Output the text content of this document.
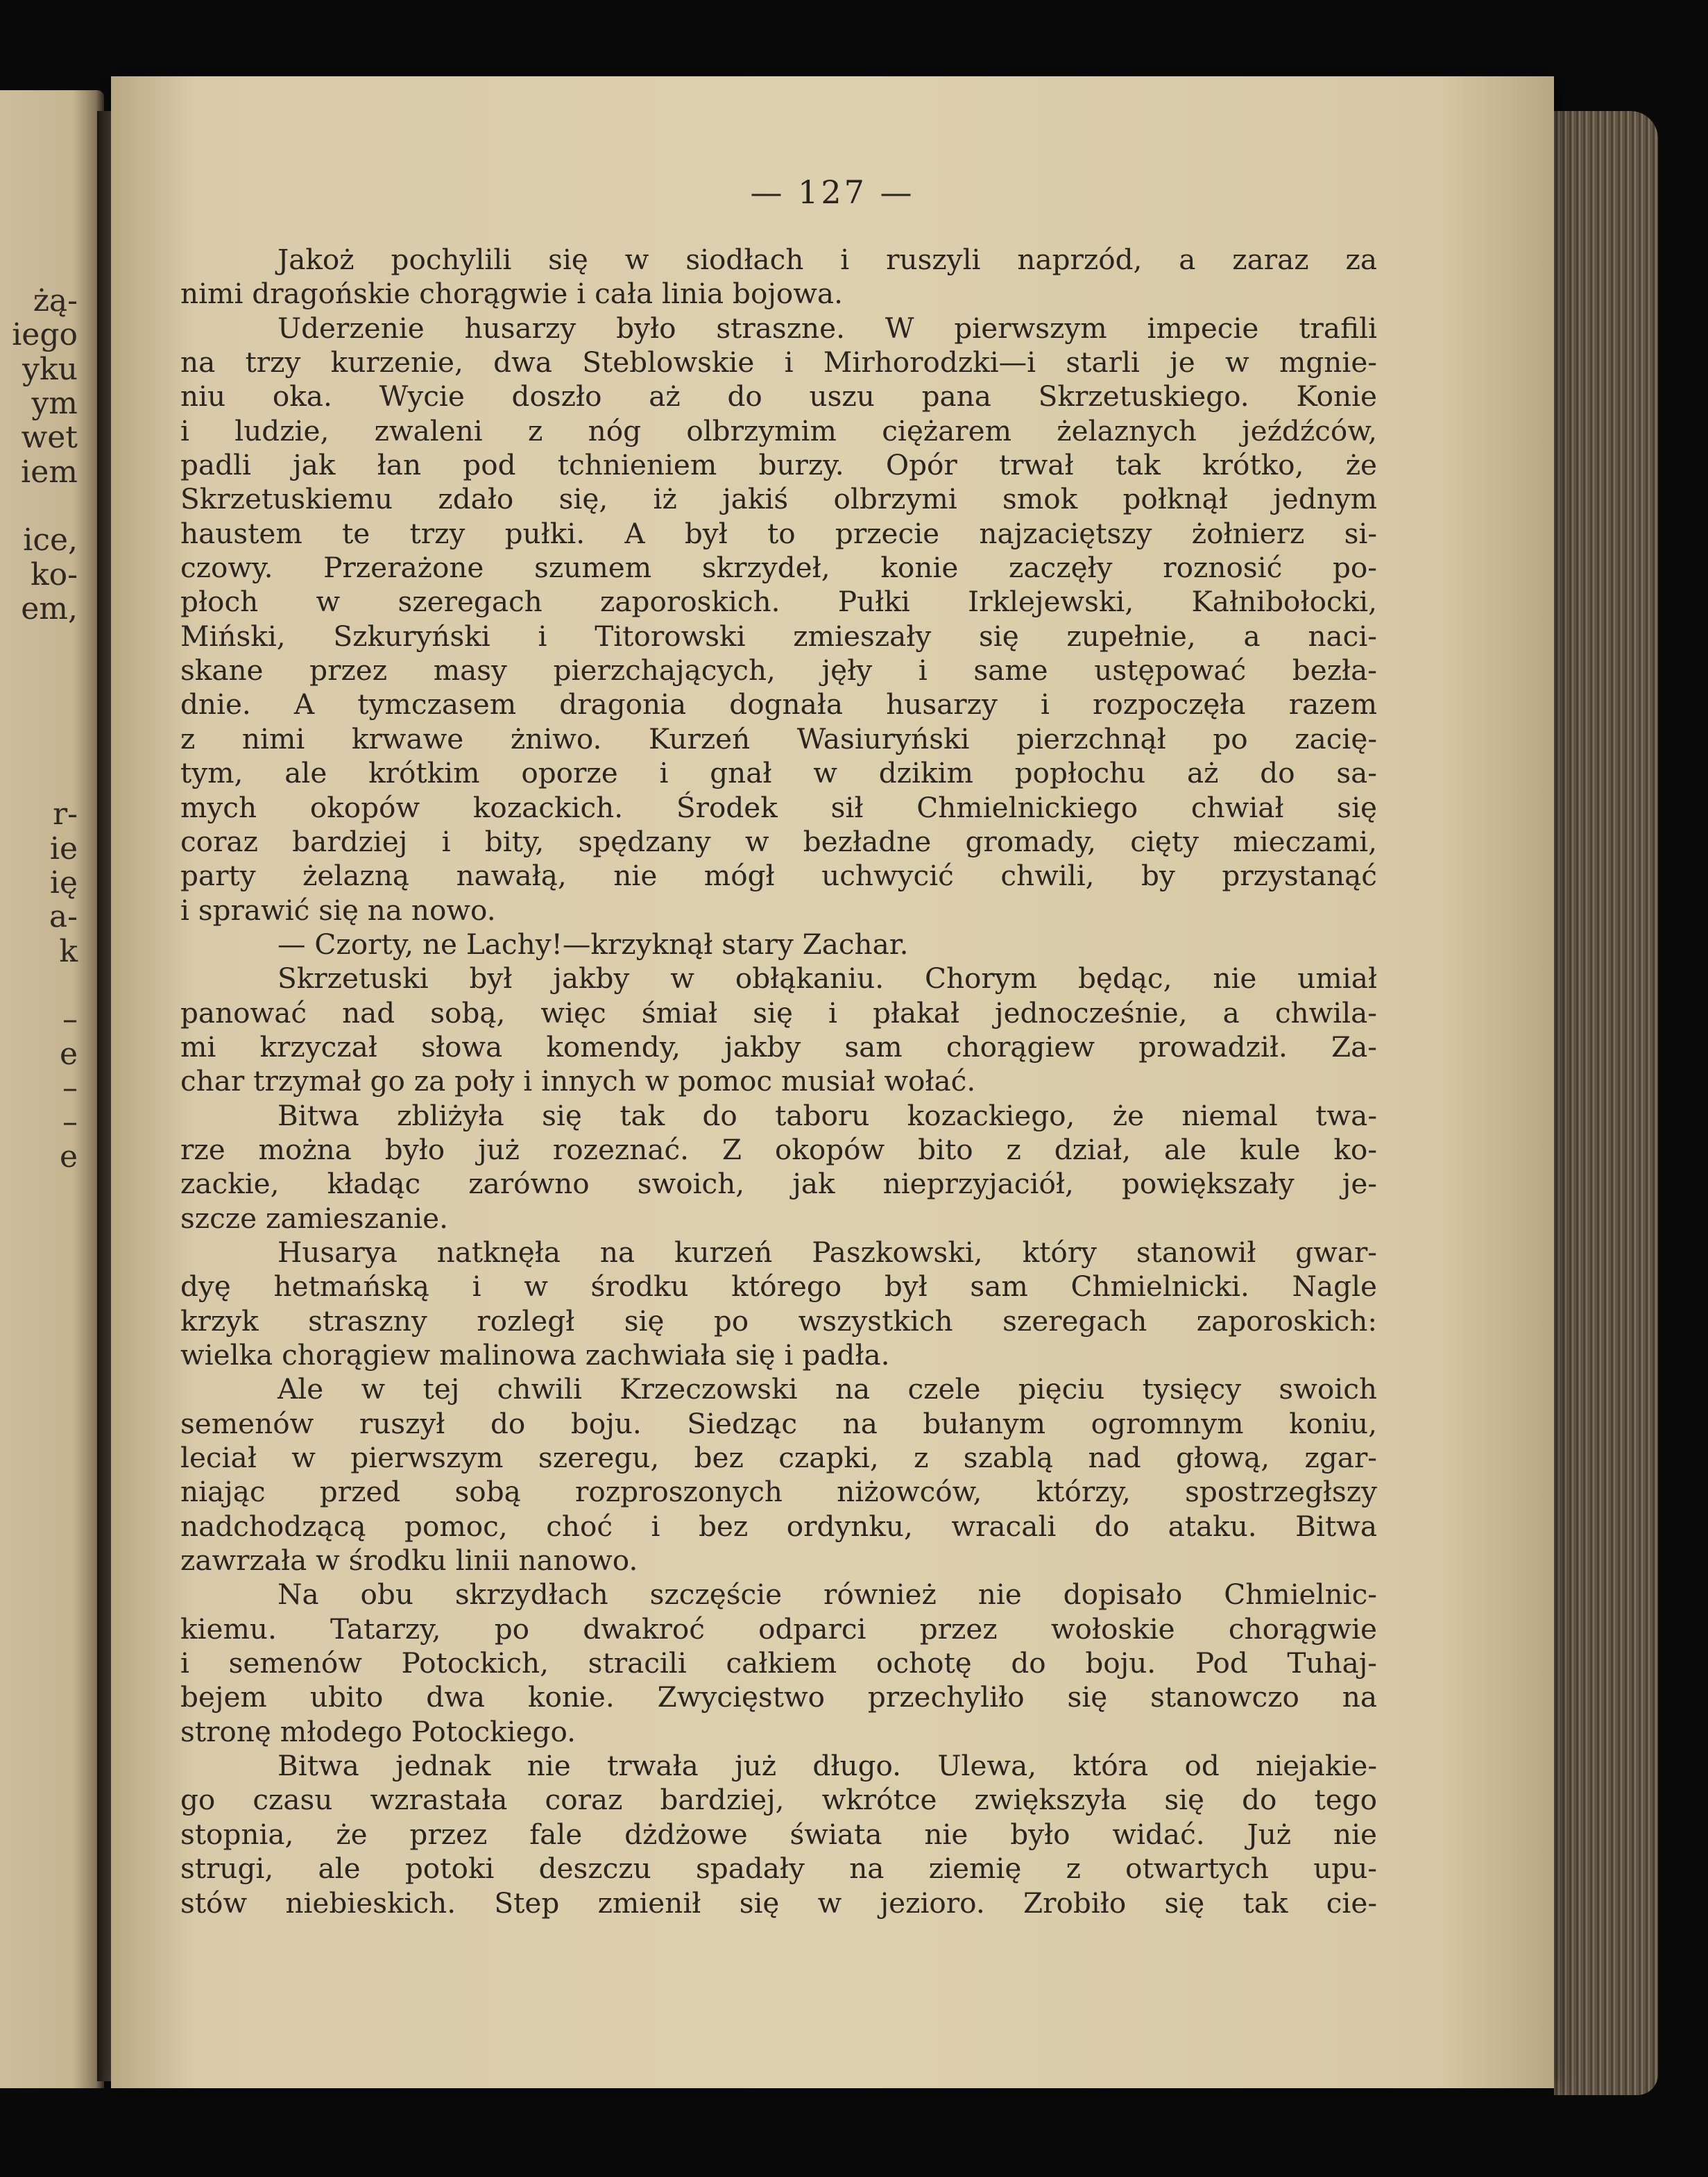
żą-
iego
yku
ym
wet
iem
ice,
ko-
em,
r-
ie
ię
a-
k
–
e
–
–
e
— 127 —
Jakoż pochylili się w siodłach i ruszyli naprzód, a zaraz za
nimi dragońskie chorągwie i cała linia bojowa.
Uderzenie husarzy było straszne. W pierwszym impecie trafili
na trzy kurzenie, dwa Steblowskie i Mirhorodzki—i starli je w mgnie-
niu oka. Wycie doszło aż do uszu pana Skrzetuskiego. Konie
i ludzie, zwaleni z nóg olbrzymim ciężarem żelaznych jeźdźców,
padli jak łan pod tchnieniem burzy. Opór trwał tak krótko, że
Skrzetuskiemu zdało się, iż jakiś olbrzymi smok połknął jednym
haustem te trzy pułki. A był to przecie najzaciętszy żołnierz si-
czowy. Przerażone szumem skrzydeł, konie zaczęły roznosić po-
płoch w szeregach zaporoskich. Pułki Irklejewski, Kałnibołocki,
Miński, Szkuryński i Titorowski zmieszały się zupełnie, a naci-
skane przez masy pierzchających, jęły i same ustępować bezła-
dnie. A tymczasem dragonia dognała husarzy i rozpoczęła razem
z nimi krwawe żniwo. Kurzeń Wasiuryński pierzchnął po zacię-
tym, ale krótkim oporze i gnał w dzikim popłochu aż do sa-
mych okopów kozackich. Środek sił Chmielnickiego chwiał się
coraz bardziej i bity, spędzany w bezładne gromady, cięty mieczami,
party żelazną nawałą, nie mógł uchwycić chwili, by przystanąć
i sprawić się na nowo.
— Czorty, ne Lachy!—krzyknął stary Zachar.
Skrzetuski był jakby w obłąkaniu. Chorym będąc, nie umiał
panować nad sobą, więc śmiał się i płakał jednocześnie, a chwila-
mi krzyczał słowa komendy, jakby sam chorągiew prowadził. Za-
char trzymał go za poły i innych w pomoc musiał wołać.
Bitwa zbliżyła się tak do taboru kozackiego, że niemal twa-
rze można było już rozeznać. Z okopów bito z dział, ale kule ko-
zackie, kładąc zarówno swoich, jak nieprzyjaciół, powiększały je-
szcze zamieszanie.
Husarya natknęła na kurzeń Paszkowski, który stanowił gwar-
dyę hetmańską i w środku którego był sam Chmielnicki. Nagle
krzyk straszny rozległ się po wszystkich szeregach zaporoskich:
wielka chorągiew malinowa zachwiała się i padła.
Ale w tej chwili Krzeczowski na czele pięciu tysięcy swoich
semenów ruszył do boju. Siedząc na bułanym ogromnym koniu,
leciał w pierwszym szeregu, bez czapki, z szablą nad głową, zgar-
niając przed sobą rozproszonych niżowców, którzy, spostrzegłszy
nadchodzącą pomoc, choć i bez ordynku, wracali do ataku. Bitwa
zawrzała w środku linii nanowo.
Na obu skrzydłach szczęście również nie dopisało Chmielnic-
kiemu. Tatarzy, po dwakroć odparci przez wołoskie chorągwie
i semenów Potockich, stracili całkiem ochotę do boju. Pod Tuhaj-
bejem ubito dwa konie. Zwycięstwo przechyliło się stanowczo na
stronę młodego Potockiego.
Bitwa jednak nie trwała już długo. Ulewa, która od niejakie-
go czasu wzrastała coraz bardziej, wkrótce zwiększyła się do tego
stopnia, że przez fale dżdżowe świata nie było widać. Już nie
strugi, ale potoki deszczu spadały na ziemię z otwartych upu-
stów niebieskich. Step zmienił się w jezioro. Zrobiło się tak cie-
